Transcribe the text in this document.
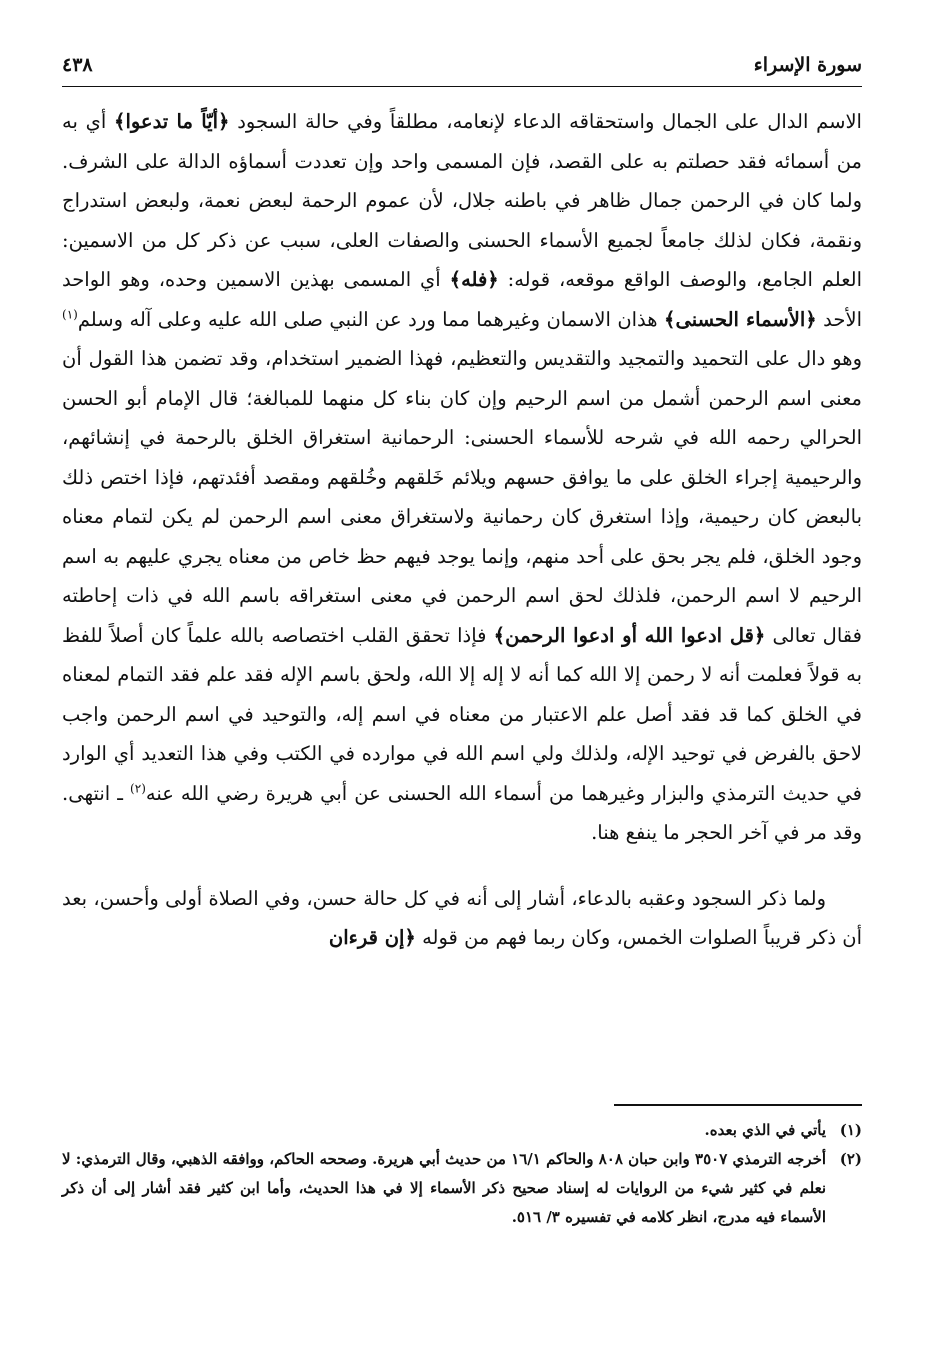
سورة الإسراء
٤٣٨

الاسم الدال على الجمال واستحقاقه الدعاء لإنعامه، مطلقاً وفي حالة السجود ﴿أيّاً ما تدعوا﴾ أي به من أسمائه فقد حصلتم به على القصد، فإن المسمى واحد وإن تعددت أسماؤه الدالة على الشرف. ولما كان في الرحمن جمال ظاهر في باطنه جلال، لأن عموم الرحمة لبعض نعمة، ولبعض استدراج ونقمة، فكان لذلك جامعاً لجميع الأسماء الحسنى والصفات العلى، سبب عن ذكر كل من الاسمين: العلم الجامع، والوصف الواقع موقعه، قوله: ﴿فله﴾ أي المسمى بهذين الاسمين وحده، وهو الواحد الأحد ﴿الأسماء الحسنى﴾ هذان الاسمان وغيرهما مما ورد عن النبي صلى الله عليه وعلى آله وسلم$^{(١)}$ وهو دال على التحميد والتمجيد والتقديس والتعظيم، فهذا الضمير استخدام، وقد تضمن هذا القول أن معنى اسم الرحمن أشمل من اسم الرحيم وإن كان بناء كل منهما للمبالغة؛ قال الإمام أبو الحسن الحرالي رحمه الله في شرحه للأسماء الحسنى: الرحمانية استغراق الخلق بالرحمة في إنشائهم، والرحيمية إجراء الخلق على ما يوافق حسهم ويلائم خَلقهم وخُلقهم ومقصد أفئدتهم، فإذا اختص ذلك بالبعض كان رحيمية، وإذا استغرق كان رحمانية ولاستغراق معنى اسم الرحمن لم يكن لتمام معناه وجود الخلق، فلم يجر بحق على أحد منهم، وإنما يوجد فيهم حظ خاص من معناه يجري عليهم به اسم الرحيم لا اسم الرحمن، فلذلك لحق اسم الرحمن في معنى استغراقه باسم الله في ذات إحاطته فقال تعالى ﴿قل ادعوا الله أو ادعوا الرحمن﴾ فإذا تحقق القلب اختصاصه بالله علماً كان أصلاً للفظ به قولاً فعلمت أنه لا رحمن إلا الله كما أنه لا إله إلا الله، ولحق باسم الإله فقد علم فقد التمام لمعناه في الخلق كما قد فقد أصل علم الاعتبار من معناه في اسم إله، والتوحيد في اسم الرحمن واجب لاحق بالفرض في توحيد الإله، ولذلك ولي اسم الله في موارده في الكتب وفي هذا التعديد أي الوارد في حديث الترمذي والبزار وغيرهما من أسماء الله الحسنى عن أبي هريرة رضي الله عنه$^{(٢)}$ ـ انتهى. وقد مر في آخر الحجر ما ينفع هنا.

ولما ذكر السجود وعقبه بالدعاء، أشار إلى أنه في كل حالة حسن، وفي الصلاة أولى وأحسن، بعد أن ذكر قريباً الصلوات الخمس، وكان ربما فهم من قوله ﴿إن قرءان

(١)
يأتي في الذي بعده.
(٢)
أخرجه الترمذي ٣٥٠٧ وابن حبان ٨٠٨ والحاكم ١٦/١ من حديث أبي هريرة. وصححه الحاكم، ووافقه الذهبي، وقال الترمذي: لا نعلم في كثير شيء من الروايات له إسناد صحيح ذكر الأسماء إلا في هذا الحديث، وأما ابن كثير فقد أشار إلى أن ذكر الأسماء فيه مدرج، انظر كلامه في تفسيره ٣/ ٥١٦.
